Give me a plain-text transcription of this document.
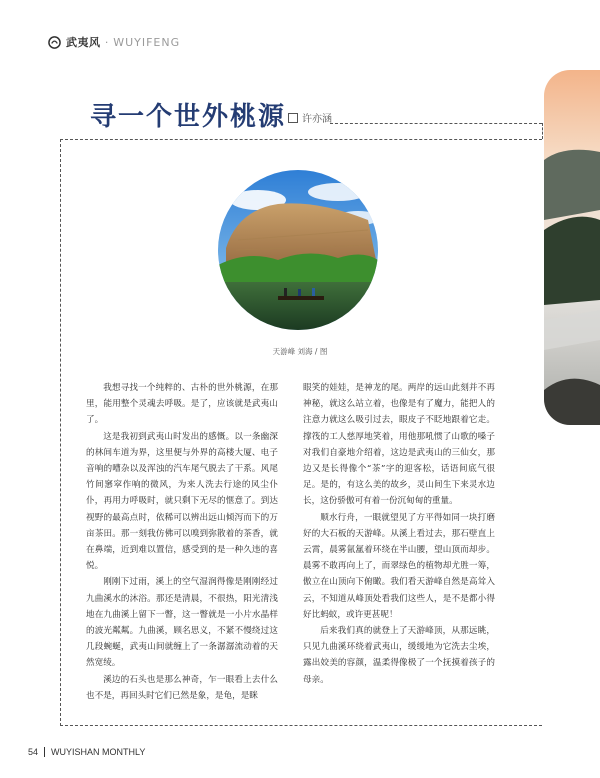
武夷风 · WUYIFENG
寻一个世外桃源 许亦涵
天游峰 刘海 / 图

我想寻找一个纯粹的、古朴的世外桃源，在那里，能用整个灵魂去呼吸。是了，应该就是武夷山了。

这是我初到武夷山时发出的感慨。以一条幽深的林间车道为界，这里便与外界的高楼大厦、电子音响的嘈杂以及浑浊的汽车尾气脱去了干系。风尾竹间窸窣作响的微风，为来人洗去行途的风尘仆仆，再用力呼吸时，就只剩下无尽的惬意了。到达视野的最高点时，依稀可以辨出远山倾泻而下的万亩茶田。那一刻我仿佛可以嗅到弥散着的茶香，就在鼻端，近到难以置信，感受到的是一种久违的喜悦。

刚刚下过雨，溪上的空气湿润得像是刚刚经过九曲溪水的沐浴。那还是清晨，不很热，阳光清浅地在九曲溪上留下一瞥，这一瞥就是一小片水晶样的波光粼粼。九曲溪，顾名思义，不紧不慢绕过这几段蜿蜒，武夷山间就缠上了一条潺潺流动着的天然宽绫。

溪边的石头也是那么神奇，乍一眼看上去什么也不是，再回头时它们已然是象，是龟，是眯

眼笑的娃娃，是神龙的尾。两岸的远山此刻并不再神秘，就这么站立着，也像是有了魔力，能把人的注意力就这么吸引过去，眼皮子不眨地跟着它走。撑筏的工人慈厚地笑着，用他那吼惯了山歌的嗓子对我们自豪地介绍着，这边是武夷山的三仙女，那边又是长得像个“茶”字的迎客松，话语间底气很足。是的，有这么美的故乡，灵山间生下来灵水边长，这份骄傲可有着一份沉甸甸的重量。

顺水行舟，一眼就望见了方平得如同一块打磨好的大石板的天游峰。从溪上看过去，那石壁直上云霄，晨雾氤氲着环绕在半山腰，望山顶而却步。晨雾不敢再向上了，而翠绿色的植物却尤胜一筹，傲立在山顶向下俯瞰。我们看天游峰自然是高耸入云，不知道从峰顶处看我们这些人，是不是都小得好比蚂蚁，或许更甚呢！

后来我们真的就登上了天游峰顶，从那远眺，只见九曲溪环绕着武夷山，缓缓地为它洗去尘埃，露出姣美的容颜，温柔得像极了一个抚摸着孩子的母亲。

54 WUYISHAN MONTHLY
